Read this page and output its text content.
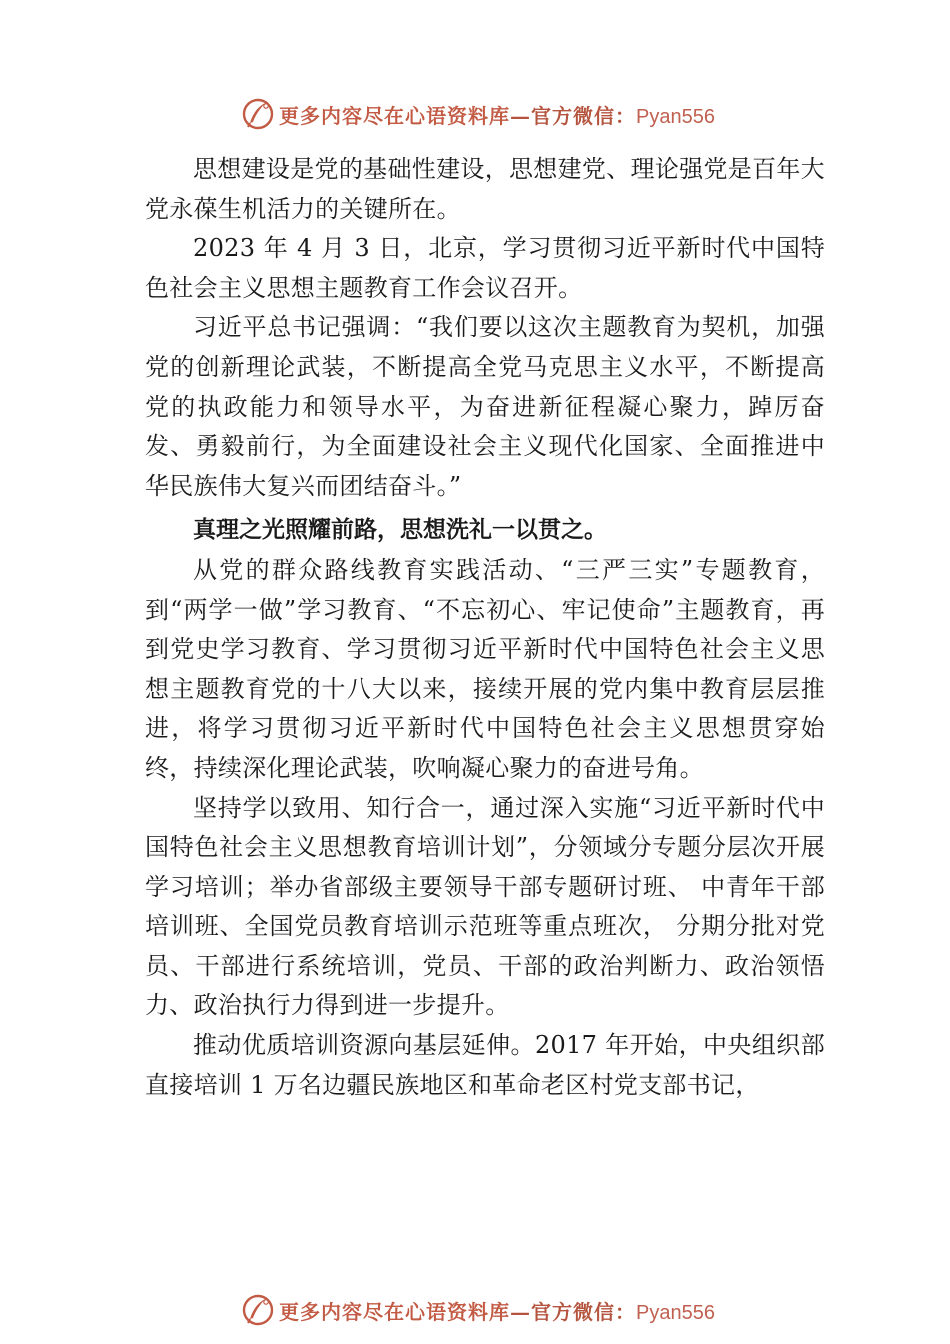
更多内容尽在心语资料库—官方微信：Pyan556

思想建设是党的基础性建设，思想建党、理论强党是百年大党永葆生机活力的关键所在。

2023 年 4 月 3 日，北京，学习贯彻习近平新时代中国特色社会主义思想主题教育工作会议召开。

习近平总书记强调：“我们要以这次主题教育为契机，加强党的创新理论武装，不断提高全党马克思主义水平，不断提高党的执政能力和领导水平，为奋进新征程凝心聚力，踔厉奋发、勇毅前行，为全面建设社会主义现代化国家、全面推进中华民族伟大复兴而团结奋斗。”

真理之光照耀前路，思想洗礼一以贯之。

从党的群众路线教育实践活动、“三严三实”专题教育，到“两学一做”学习教育、“不忘初心、牢记使命”主题教育，再到党史学习教育、学习贯彻习近平新时代中国特色社会主义思想主题教育党的十八大以来，接续开展的党内集中教育层层推进，将学习贯彻习近平新时代中国特色社会主义思想贯穿始终，持续深化理论武装，吹响凝心聚力的奋进号角。

坚持学以致用、知行合一，通过深入实施“习近平新时代中国特色社会主义思想教育培训计划”，分领域分专题分层次开展学习培训；举办省部级主要领导干部专题研讨班、 中青年干部培训班、全国党员教育培训示范班等重点班次， 分期分批对党员、干部进行系统培训，党员、干部的政治判断力、政治领悟力、政治执行力得到进一步提升。

推动优质培训资源向基层延伸。2017 年开始，中央组织部直接培训 1 万名边疆民族地区和革命老区村党支部书记，

更多内容尽在心语资料库—官方微信：Pyan556
